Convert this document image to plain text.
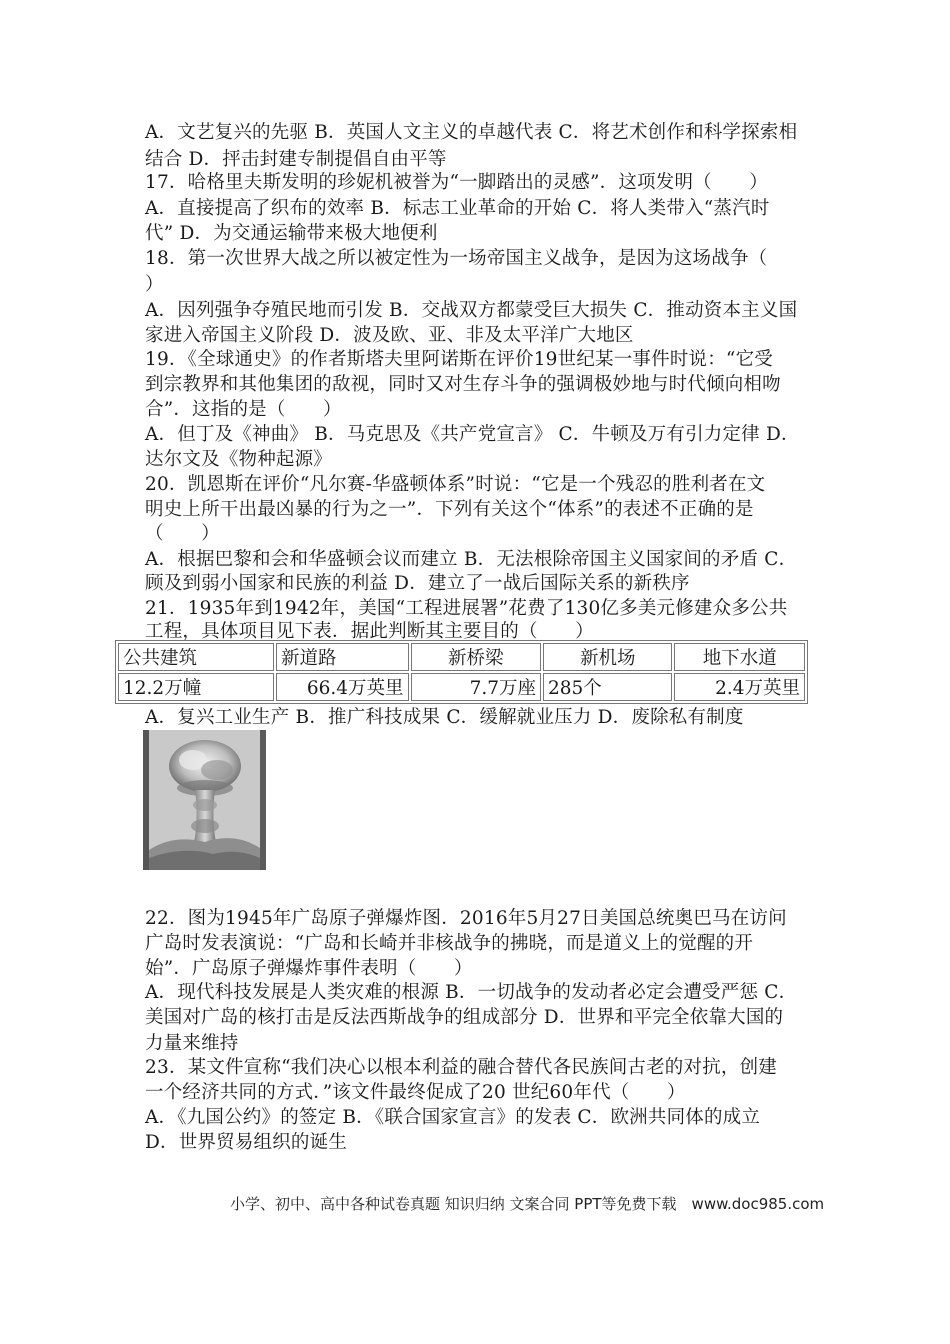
A．文艺复兴的先驱 B．英国人文主义的卓越代表 C．将艺术创作和科学探索相
结合 D．抨击封建专制提倡自由平等
17．哈格里夫斯发明的珍妮机被誉为“一脚踏出的灵感”．这项发明（　　）
A．直接提高了织布的效率 B．标志工业革命的开始 C．将人类带入“蒸汽时
代” D．为交通运输带来极大地便利
18．第一次世界大战之所以被定性为一场帝国主义战争，是因为这场战争（
）
A．因列强争夺殖民地而引发 B．交战双方都蒙受巨大损失 C．推动资本主义国
家进入帝国主义阶段 D．波及欧、亚、非及太平洋广大地区
19．《全球通史》的作者斯塔夫里阿诺斯在评价19世纪某一事件时说：“它受
到宗教界和其他集团的敌视，同时又对生存斗争的强调极妙地与时代倾向相吻
合”．这指的是（　　）
A．但丁及《神曲》 B．马克思及《共产党宣言》 C．牛顿及万有引力定律 D．
达尔文及《物种起源》
20．凯恩斯在评价“凡尔赛-华盛顿体系”时说：“它是一个残忍的胜利者在文
明史上所干出最凶暴的行为之一”．下列有关这个“体系”的表述不正确的是
（　　）
A．根据巴黎和会和华盛顿会议而建立 B．无法根除帝国主义国家间的矛盾 C．
顾及到弱小国家和民族的利益 D．建立了一战后国际关系的新秩序
21．1935年到1942年，美国“工程进展署”花费了130亿多美元修建众多公共
工程，具体项目见下表．据此判断其主要目的（　　）
公共建筑	新道路	新桥梁	新机场	地下水道
12.2万幢	66.4万英里	7.7万座	285个	2.4万英里
A．复兴工业生产 B．推广科技成果 C．缓解就业压力 D．废除私有制度
22．图为1945年广岛原子弹爆炸图．2016年5月27日美国总统奥巴马在访问
广岛时发表演说：“广岛和长崎并非核战争的拂晓，而是道义上的觉醒的开
始”．广岛原子弹爆炸事件表明（　　）
A．现代科技发展是人类灾难的根源 B．一切战争的发动者必定会遭受严惩 C．
美国对广岛的核打击是反法西斯战争的组成部分 D．世界和平完全依靠大国的
力量来维持
23．某文件宣称“我们决心以根本利益的融合替代各民族间古老的对抗，创建
一个经济共同的方式．”该文件最终促成了20 世纪60年代（　　）
A．《九国公约》的签定 B．《联合国家宣言》的发表 C．欧洲共同体的成立
D．世界贸易组织的诞生
小学、初中、高中各种试卷真题 知识归纳 文案合同 PPT等免费下载　www.doc985.com
